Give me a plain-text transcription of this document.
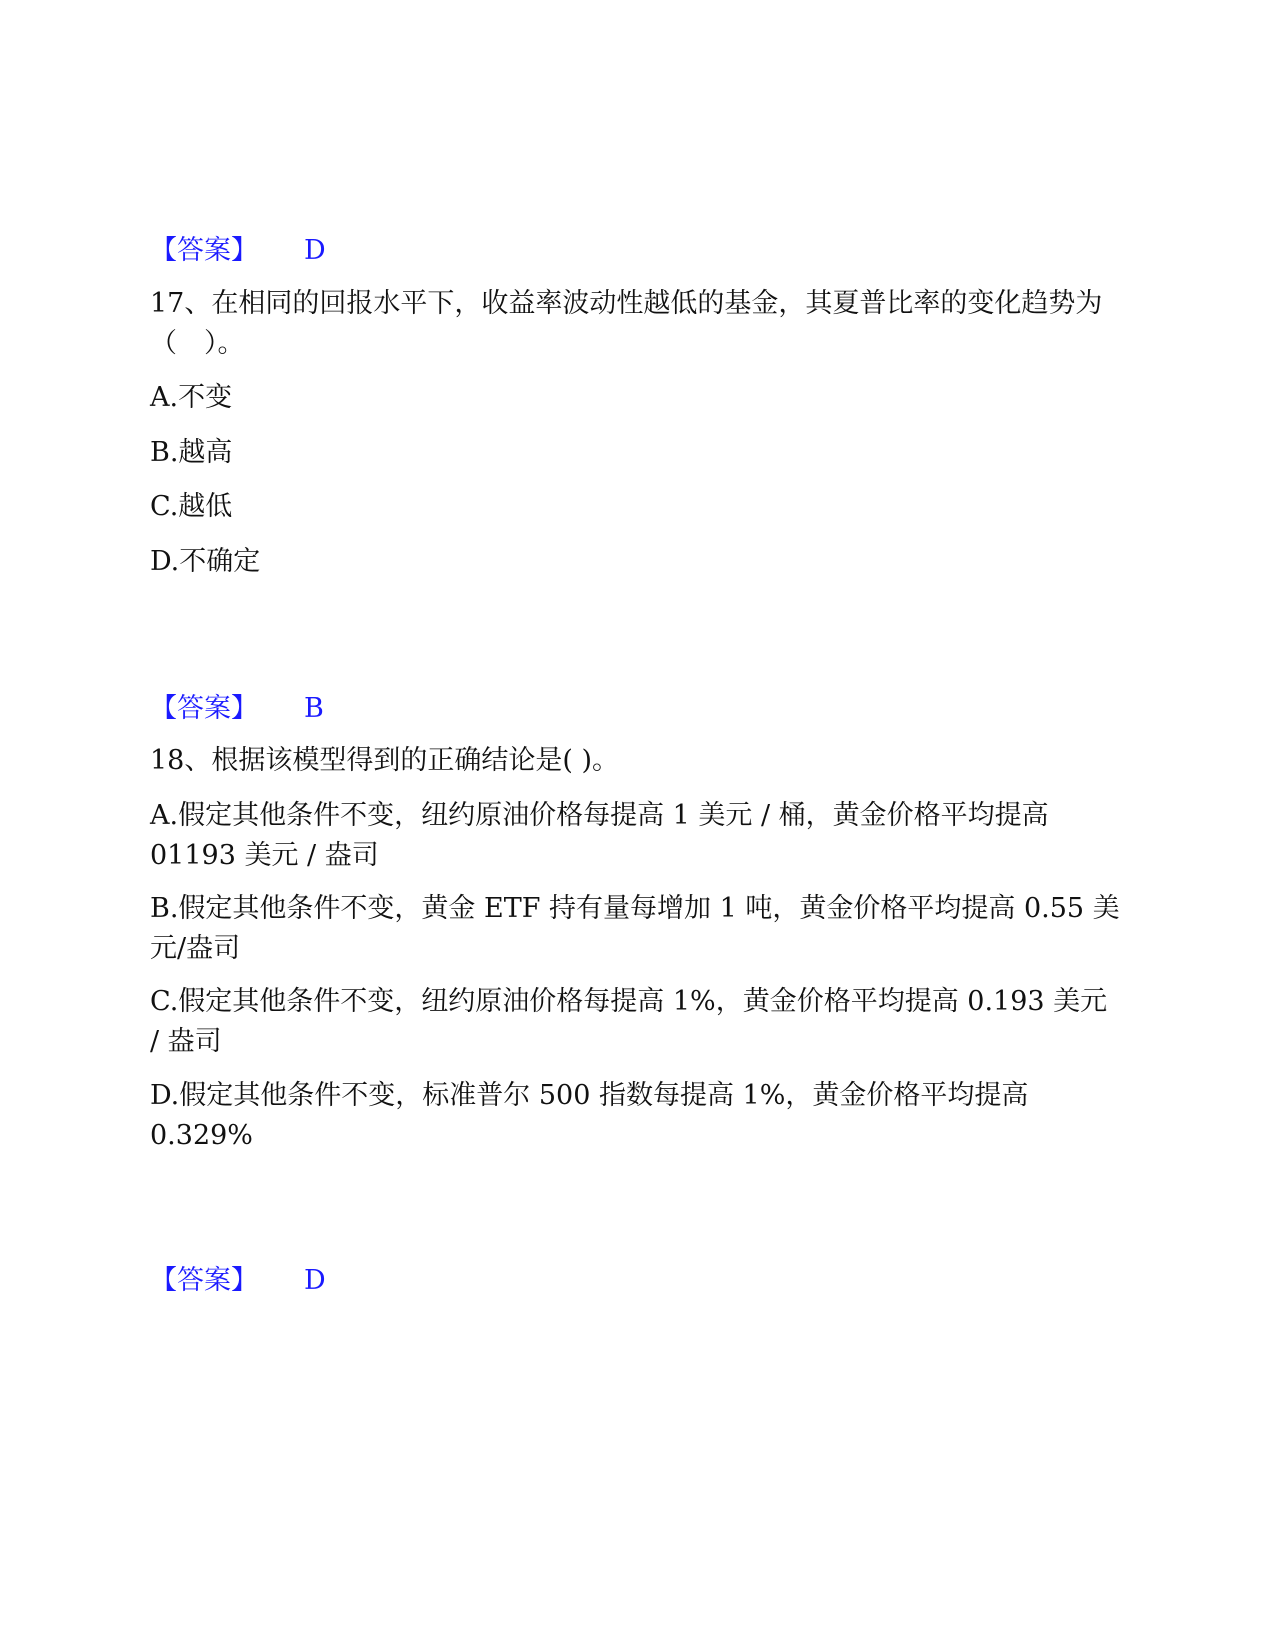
【答案】 D
17、在相同的回报水平下，收益率波动性越低的基金，其夏普比率的变化趋势为（　）。
A.不变
B.越高
C.越低
D.不确定
【答案】 B
18、根据该模型得到的正确结论是( )。
A.假定其他条件不变，纽约原油价格每提高 1 美元 / 桶，黄金价格平均提高 01193 美元 / 盎司
B.假定其他条件不变，黄金 ETF 持有量每增加 1 吨，黄金价格平均提高 0.55 美元/盎司
C.假定其他条件不变，纽约原油价格每提高 1%，黄金价格平均提高 0.193 美元 / 盎司
D.假定其他条件不变，标准普尔 500 指数每提高 1%，黄金价格平均提高 0.329%
【答案】 D
